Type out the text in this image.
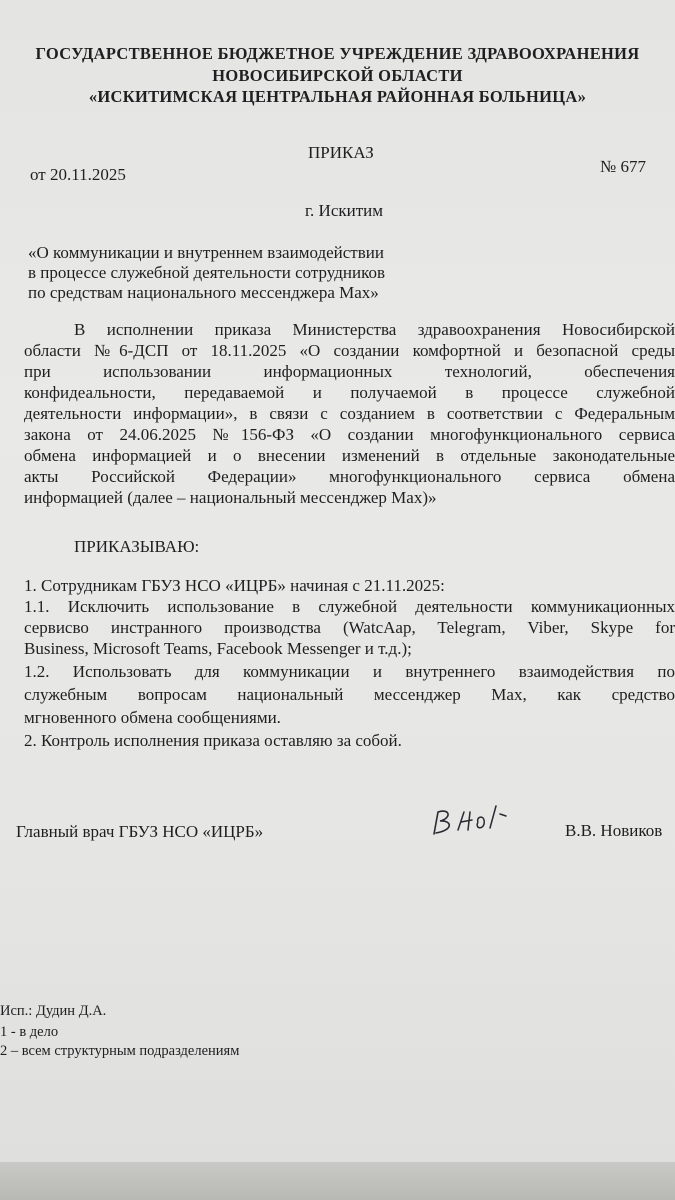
ГОСУДАРСТВЕННОЕ БЮДЖЕТНОЕ УЧРЕЖДЕНИЕ ЗДРАВООХРАНЕНИЯ
НОВОСИБИРСКОЙ ОБЛАСТИ
«ИСКИТИМСКАЯ ЦЕНТРАЛЬНАЯ РАЙОННАЯ БОЛЬНИЦА»
ПРИКАЗ
от 20.11.2025	№ 677
г. Искитим
«О коммуникации и внутреннем взаимодействии
в процессе служебной деятельности сотрудников
по средствам национального мессенджера Max»
В исполнении приказа Министерства здравоохранения Новосибирской
области №6-ДСП от 18.11.2025 «О создании комфортной и безопасной среды
при использовании информационных технологий, обеспечения
конфидеальности, передаваемой и получаемой в процессе служебной
деятельности информации», в связи с созданием в соответствии с Федеральным
закона от 24.06.2025 №156-ФЗ «О создании многофункционального сервиса
обмена информацией и о внесении изменений в отдельные законодательные
акты Российской Федерации» многофункционального сервиса обмена
информацией (далее – национальный мессенджер Max)»
ПРИКАЗЫВАЮ:
1. Сотрудникам ГБУЗ НСО «ИЦРБ» начиная с 21.11.2025:
1.1. Исключить использование в служебной деятельности коммуникационных
сервисво инстранного производства (WatcAap, Telegram, Viber, Skype for
Business, Microsoft Teams, Facebook Messenger и т.д.);
1.2. Использовать для коммуникации и внутреннего взаимодействия по
служебным вопросам национальный мессенджер Max, как средство
мгновенного обмена сообщениями.
2. Контроль исполнения приказа оставляю за собой.
Главный врач ГБУЗ НСО «ИЦРБ»	В.В. Новиков
Исп.: Дудин Д.А.
1 - в дело
2 – всем структурным подразделениям
